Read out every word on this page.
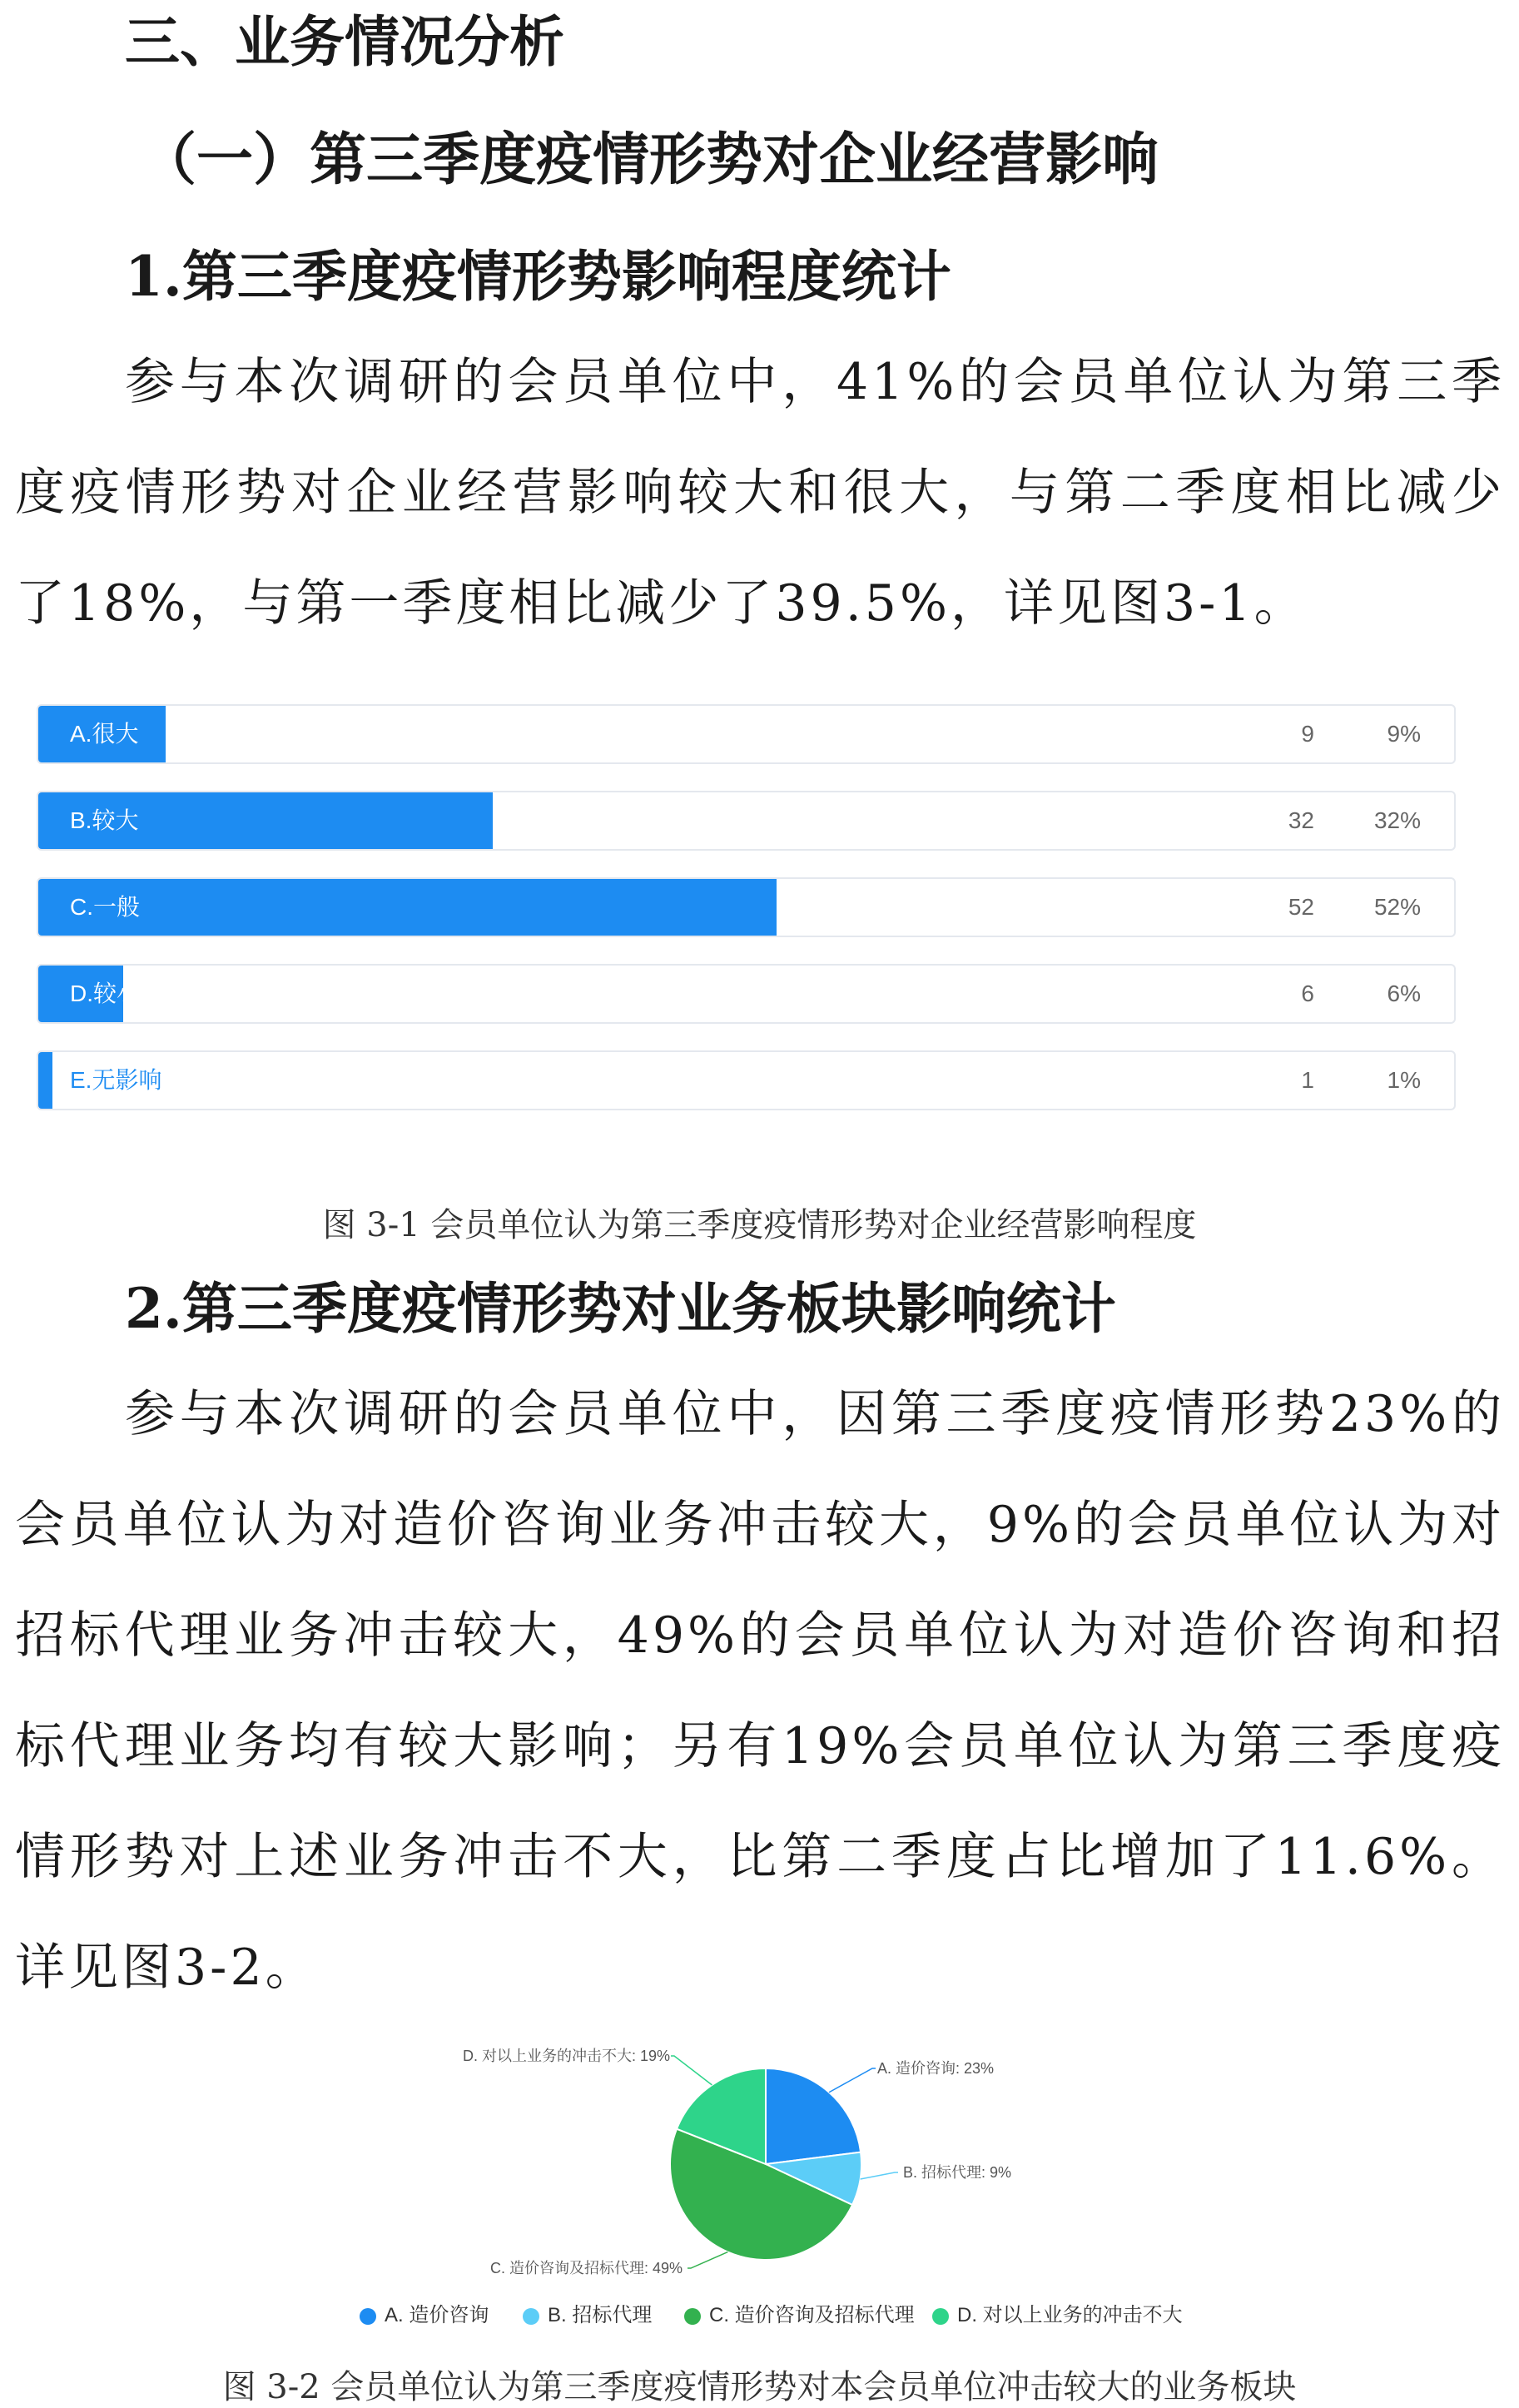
三、业务情况分析
（一）第三季度疫情形势对企业经营影响
1.第三季度疫情形势影响程度统计
参与本次调研的会员单位中，41%的会员单位认为第三季度疫情形势对企业经营影响较大和很大，与第二季度相比减少了18%，与第一季度相比减少了39.5%，详见图3-1。
A.很大	9	9%
B.较大	32	32%
C.一般	52	52%
D.较小	6	6%
E.无影响	1	1%
图 3-1 会员单位认为第三季度疫情形势对企业经营影响程度
2.第三季度疫情形势对业务板块影响统计
参与本次调研的会员单位中，因第三季度疫情形势23%的会员单位认为对造价咨询业务冲击较大，9%的会员单位认为对招标代理业务冲击较大，49%的会员单位认为对造价咨询和招标代理业务均有较大影响；另有19%会员单位认为第三季度疫情形势对上述业务冲击不大，比第二季度占比增加了11.6%。详见图3-2。
A. 造价咨询: 23%
B. 招标代理: 9%
C. 造价咨询及招标代理: 49%
D. 对以上业务的冲击不大: 19%
A. 造价咨询	B. 招标代理	C. 造价咨询及招标代理	D. 对以上业务的冲击不大
图 3-2 会员单位认为第三季度疫情形势对本会员单位冲击较大的业务板块
